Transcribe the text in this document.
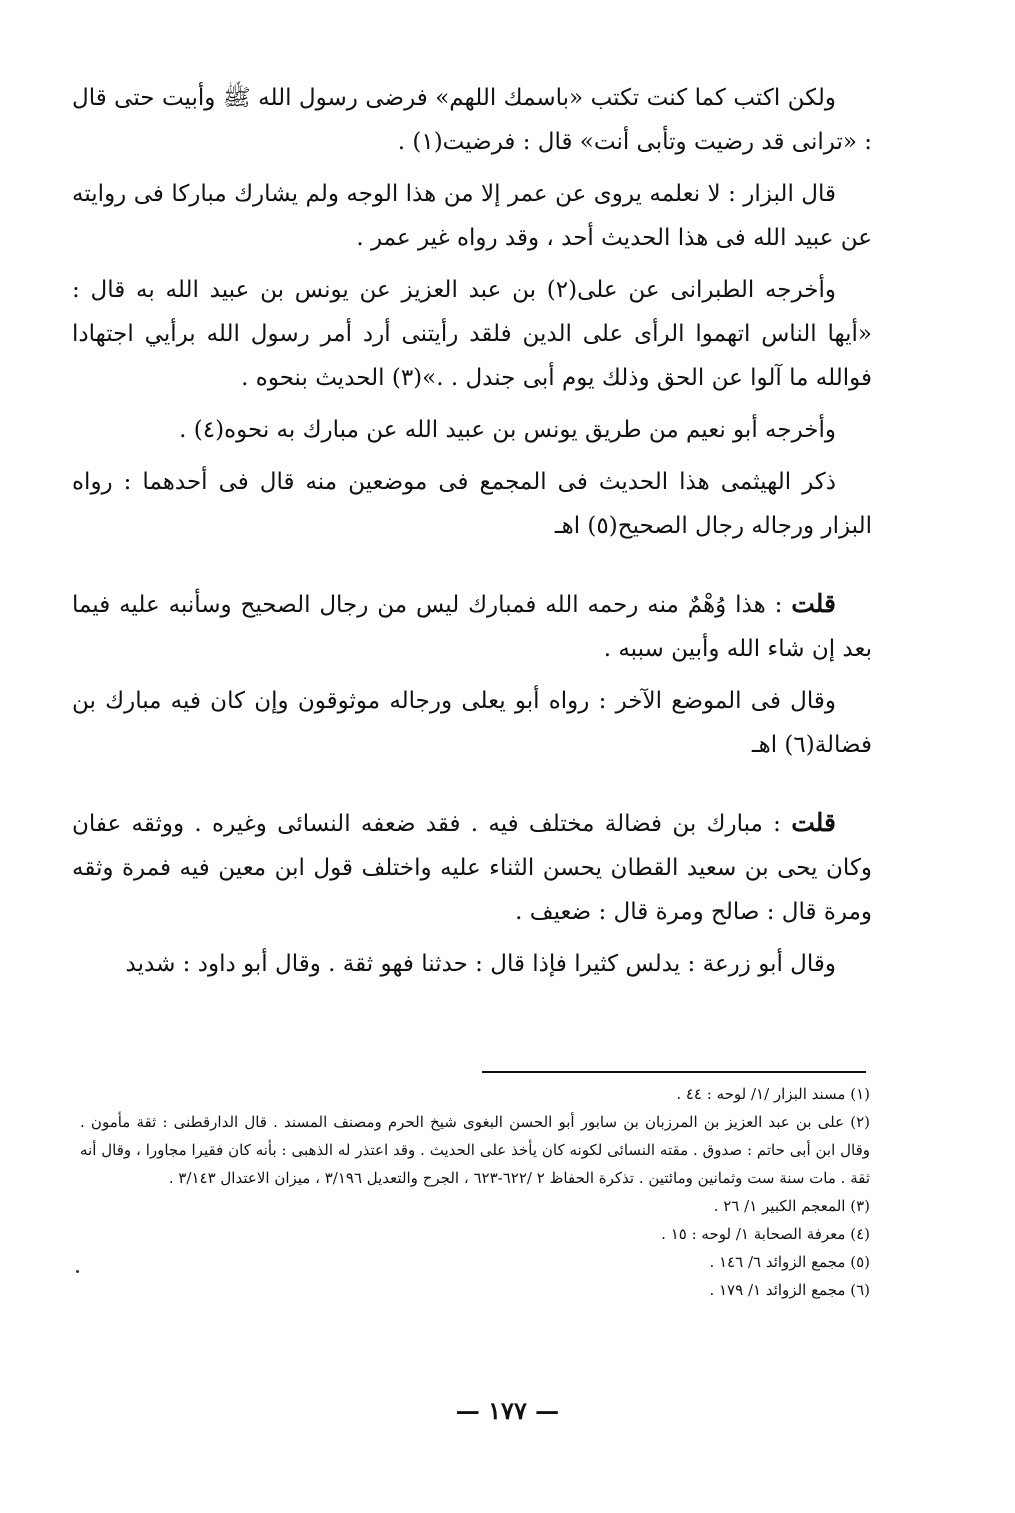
ولكن اكتب كما كنت تكتب «باسمك اللهم» فرضى رسول الله ﷺ وأبيت حتى قال : «ترانى قد رضيت وتأبى أنت» قال : فرضيت(١) .

قال البزار : لا نعلمه يروى عن عمر إلا من هذا الوجه ولم يشارك مباركا فى روايته عن عبيد الله فى هذا الحديث أحد ، وقد رواه غير عمر .

وأخرجه الطبرانى عن على(٢) بن عبد العزيز عن يونس بن عبيد الله به قال : «أيها الناس اتهموا الرأى على الدين فلقد رأيتنى أرد أمر رسول الله برأيي اجتهادا فوالله ما آلوا عن الحق وذلك يوم أبى جندل . .»(٣) الحديث بنحوه .

وأخرجه أبو نعيم من طريق يونس بن عبيد الله عن مبارك به نحوه(٤) .

ذكر الهيثمى هذا الحديث فى المجمع فى موضعين منه قال فى أحدهما : رواه البزار ورجاله رجال الصحيح(٥) اهـ

قلت : هذا وُهْمٌ منه رحمه الله فمبارك ليس من رجال الصحيح وسأنبه عليه فيما بعد إن شاء الله وأبين سببه .

وقال فى الموضع الآخر : رواه أبو يعلى ورجاله موثوقون وإن كان فيه مبارك بن فضالة(٦) اهـ

قلت : مبارك بن فضالة مختلف فيه . فقد ضعفه النسائى وغيره . ووثقه عفان وكان يحى بن سعيد القطان يحسن الثناء عليه واختلف قول ابن معين فيه فمرة وثقه ومرة قال : صالح ومرة قال : ضعيف .

وقال أبو زرعة : يدلس كثيرا فإذا قال : حدثنا فهو ثقة . وقال أبو داود : شديد

(١) مسند البزار /١/ لوحه : ٤٤ .

(٢) على بن عبد العزيز بن المرزبان بن سابور أبو الحسن البغوى شيخ الحرم ومصنف المسند . قال الدارقطنى : ثقة مأمون . وقال ابن أبى حاتم : صدوق . مقته النسائى لكونه كان يأخذ على الحديث . وقد اعتذر له الذهبى : بأنه كان فقيرا مجاورا ، وقال أنه ثقة . مات سنة ست وثمانين ومائتين . تذكرة الحفاظ ٢ /٦٢٢-٦٢٣ ، الجرح والتعديل ٣/١٩٦ ، ميزان الاعتدال ٣/١٤٣ .

(٣) المعجم الكبير ١/ ٢٦ .

(٤) معرفة الصحابة ١/ لوحه : ١٥ .

(٥) مجمع الزوائد ٦/ ١٤٦ .

(٦) مجمع الزوائد ١/ ١٧٩ .

— ١٧٧ —
